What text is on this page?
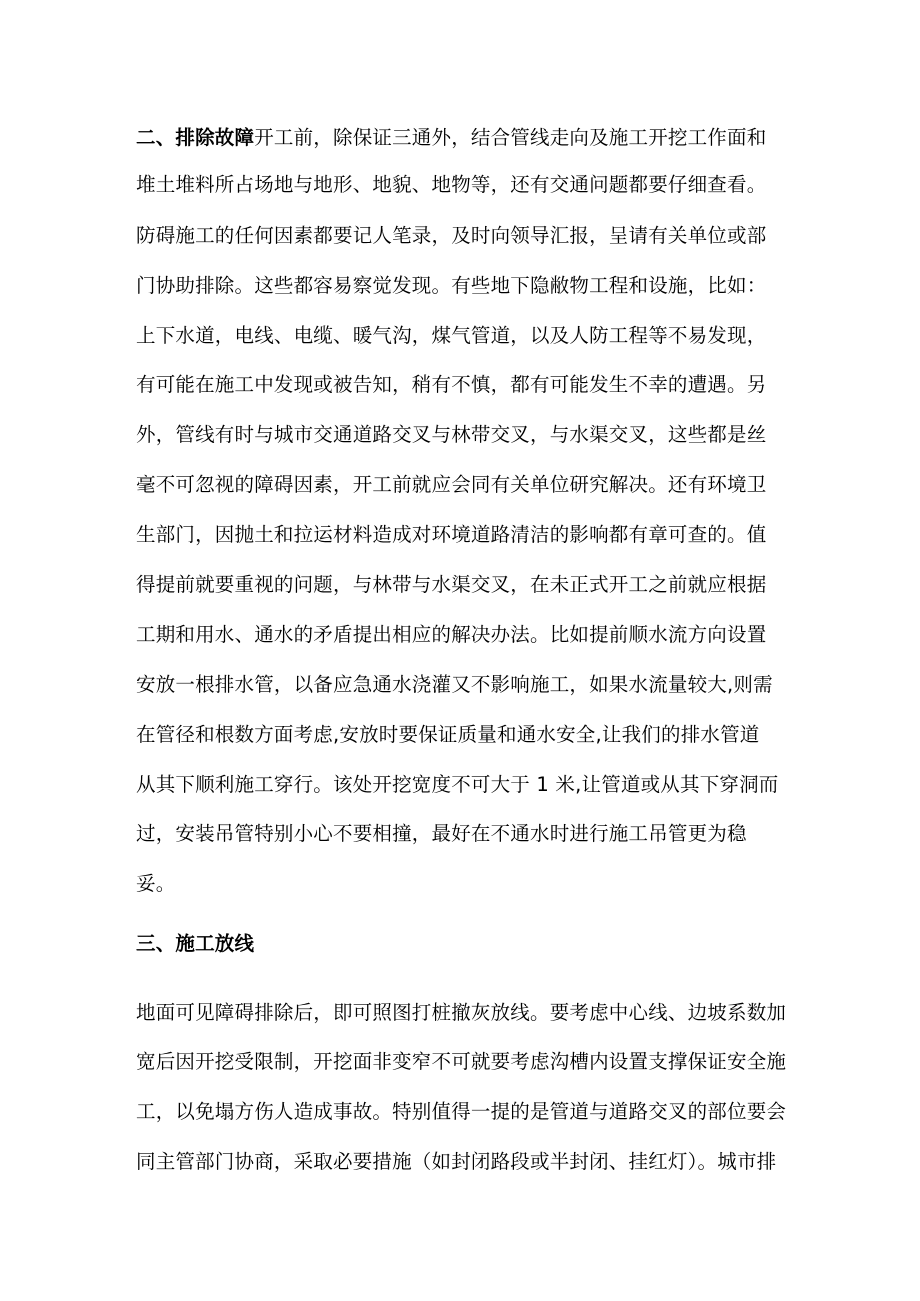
二、排除故障开工前，除保证三通外，结合管线走向及施工开挖工作面和
堆土堆料所占场地与地形、地貌、地物等，还有交通问题都要仔细查看。
防碍施工的任何因素都要记人笔录，及时向领导汇报，呈请有关单位或部
门协助排除。这些都容易察觉发现。有些地下隐敝物工程和设施，比如：
上下水道，电线、电缆、暖气沟，煤气管道，以及人防工程等不易发现，
有可能在施工中发现或被告知，稍有不慎，都有可能发生不幸的遭遇。另
外，管线有时与城市交通道路交叉与林带交叉，与水渠交叉，这些都是丝
毫不可忽视的障碍因素，开工前就应会同有关单位研究解决。还有环境卫
生部门，因抛土和拉运材料造成对环境道路清洁的影响都有章可查的。值
得提前就要重视的问题，与林带与水渠交叉，在未正式开工之前就应根据
工期和用水、通水的矛盾提出相应的解决办法。比如提前顺水流方向设置
安放一根排水管，以备应急通水浇灌又不影响施工，如果水流量较大,则需
在管径和根数方面考虑,安放时要保证质量和通水安全,让我们的排水管道
从其下顺利施工穿行。该处开挖宽度不可大于 1 米,让管道或从其下穿洞而
过，安装吊管特别小心不要相撞，最好在不通水时进行施工吊管更为稳
妥。
三、施工放线
地面可见障碍排除后，即可照图打桩撤灰放线。要考虑中心线、边坡系数加
宽后因开挖受限制，开挖面非变窄不可就要考虑沟槽内设置支撑保证安全施
工，以免塌方伤人造成事故。特别值得一提的是管道与道路交叉的部位要会
同主管部门协商，采取必要措施（如封闭路段或半封闭、挂红灯）。城市排
